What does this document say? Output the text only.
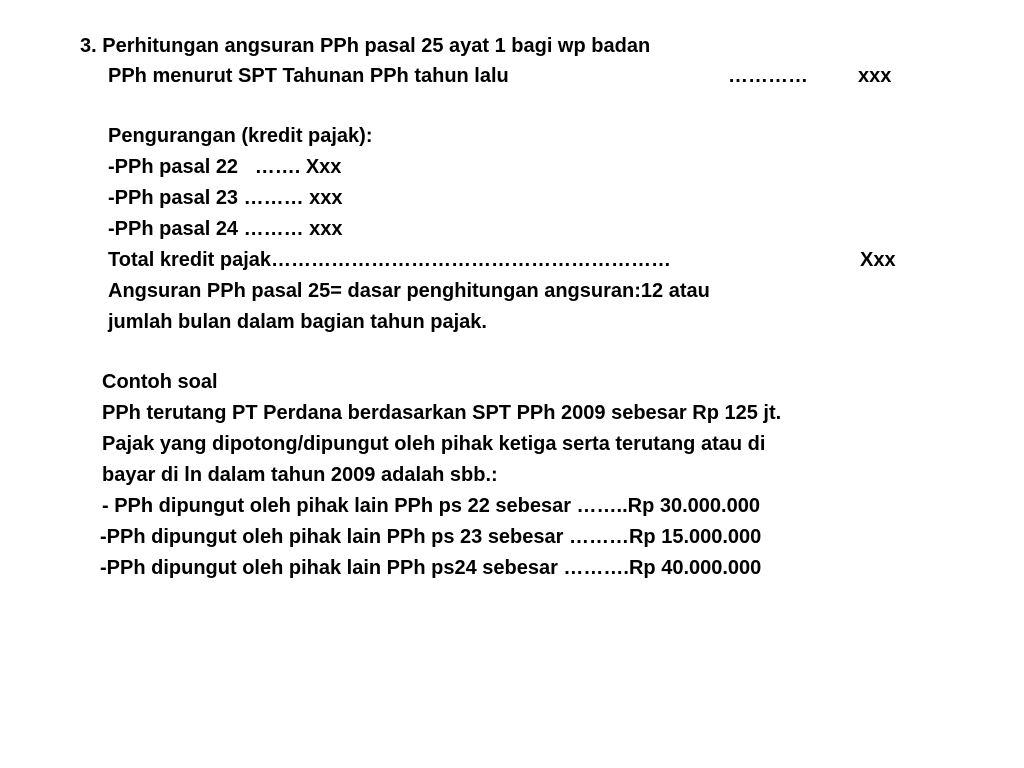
3. Perhitungan angsuran PPh pasal 25 ayat 1 bagi wp badan
PPh menurut SPT Tahunan PPh tahun lalu	…………	xxx
Pengurangan (kredit pajak):
-PPh pasal 22   ……. Xxx
-PPh pasal 23 ……… xxx
-PPh pasal 24 ……… xxx
Total kredit pajak……………………………………………………	Xxx
Angsuran PPh pasal 25= dasar penghitungan angsuran:12 atau
jumlah bulan dalam bagian tahun pajak.
Contoh soal
PPh terutang PT Perdana berdasarkan SPT PPh 2009 sebesar Rp 125 jt.
Pajak yang dipotong/dipungut oleh pihak ketiga serta terutang atau di
bayar di ln dalam tahun 2009 adalah sbb.:
- PPh dipungut oleh pihak lain PPh ps 22 sebesar ……..Rp 30.000.000
-PPh dipungut oleh pihak lain PPh ps 23 sebesar ………Rp 15.000.000
-PPh dipungut oleh pihak lain PPh ps24 sebesar ……….Rp 40.000.000
